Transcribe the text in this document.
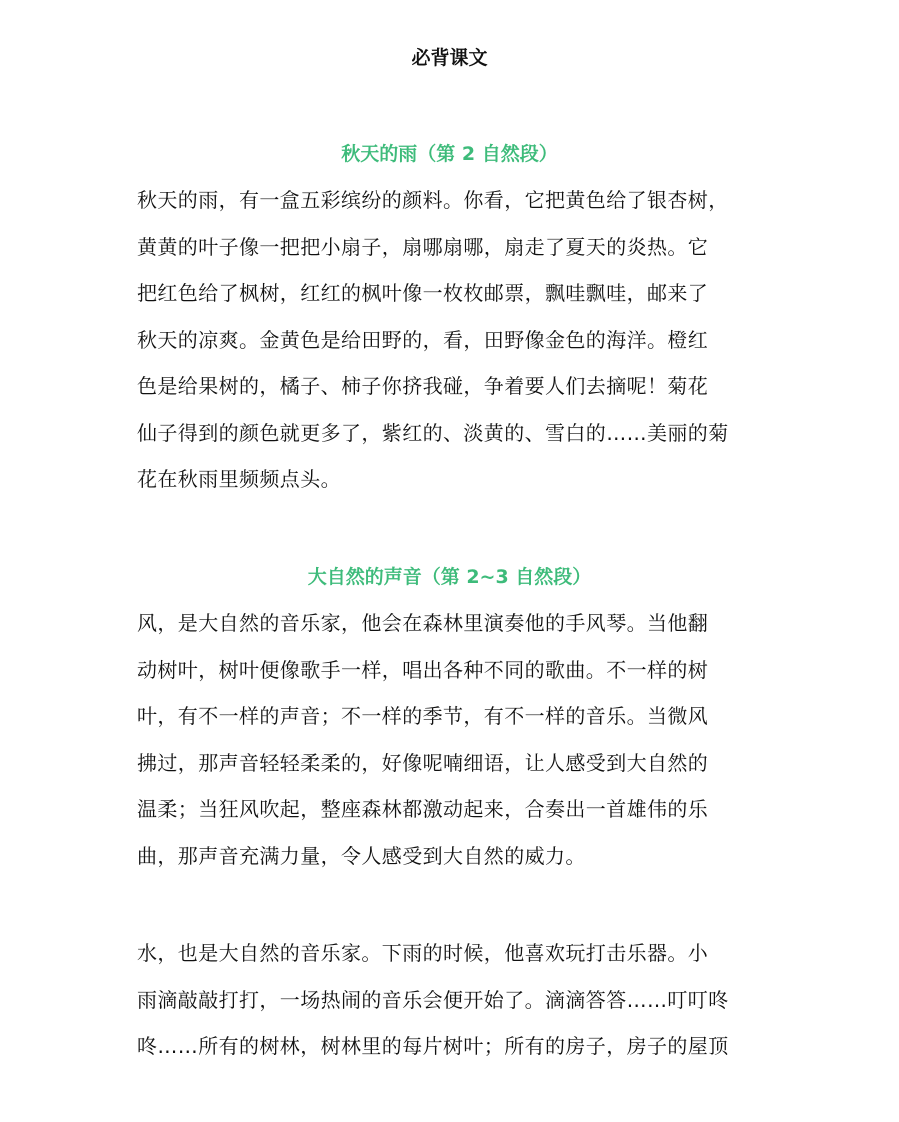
必背课文
秋天的雨（第 2 自然段）

秋天的雨，有一盒五彩缤纷的颜料。你看，它把黄色给了银杏树，
黄黄的叶子像一把把小扇子，扇哪扇哪，扇走了夏天的炎热。它
把红色给了枫树，红红的枫叶像一枚枚邮票，飘哇飘哇，邮来了
秋天的凉爽。金黄色是给田野的，看，田野像金色的海洋。橙红
色是给果树的，橘子、柿子你挤我碰，争着要人们去摘呢！菊花
仙子得到的颜色就更多了，紫红的、淡黄的、雪白的……美丽的菊
花在秋雨里频频点头。

大自然的声音（第 2~3 自然段）

风，是大自然的音乐家，他会在森林里演奏他的手风琴。当他翻
动树叶，树叶便像歌手一样，唱出各种不同的歌曲。不一样的树
叶，有不一样的声音；不一样的季节，有不一样的音乐。当微风
拂过，那声音轻轻柔柔的，好像呢喃细语，让人感受到大自然的
温柔；当狂风吹起，整座森林都激动起来，合奏出一首雄伟的乐
曲，那声音充满力量，令人感受到大自然的威力。

水，也是大自然的音乐家。下雨的时候，他喜欢玩打击乐器。小
雨滴敲敲打打，一场热闹的音乐会便开始了。滴滴答答……叮叮咚
咚……所有的树林，树林里的每片树叶；所有的房子，房子的屋顶
